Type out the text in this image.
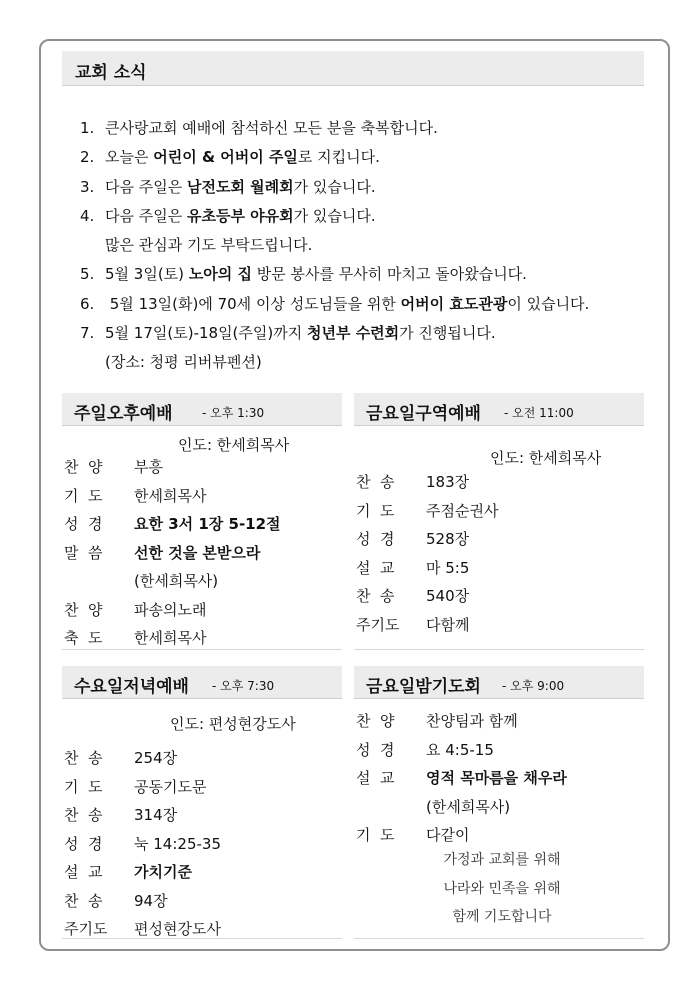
교회 소식
1. 큰사랑교회 예배에 참석하신 모든 분을 축복합니다.
2. 오늘은 어린이 & 어버이 주일로 지킵니다.
3. 다음 주일은 남전도회 월례회가 있습니다.
4. 다음 주일은 유초등부 야유회가 있습니다.
많은 관심과 기도 부탁드립니다.
5. 5월 3일(토) 노아의 집 방문 봉사를 무사히 마치고 돌아왔습니다.
6. 5월 13일(화)에 70세 이상 성도님들을 위한 어버이 효도관광이 있습니다.
7. 5월 17일(토)-18일(주일)까지 청년부 수련회가 진행됩니다.
(장소: 청평 리버뷰펜션)
주일오후예배 - 오후 1:30
인도: 한세희목사
찬  양	부흥
기  도	한세희목사
성  경	요한 3서 1장 5-12절
말  씀	선한 것을 본받으라
(한세희목사)
찬  양	파송의노래
축  도	한세희목사
금요일구역예배 - 오전 11:00
인도: 한세희목사
찬  송	183장
기  도	주점순권사
성  경	528장
설  교	마 5:5
찬  송	540장
주기도	다함께
수요일저녁예배 - 오후 7:30
인도: 편성현강도사
찬  송	254장
기  도	공동기도문
찬  송	314장
성  경	눅 14:25-35
설  교	가치기준
찬  송	94장
주기도	편성현강도사
금요일밤기도회 - 오후 9:00
찬  양	찬양팀과 함께
성  경	요 4:5-15
설  교	영적 목마름을 채우라
(한세희목사)
기  도	다같이
가정과 교회를 위해
나라와 민족을 위해
함께 기도합니다
